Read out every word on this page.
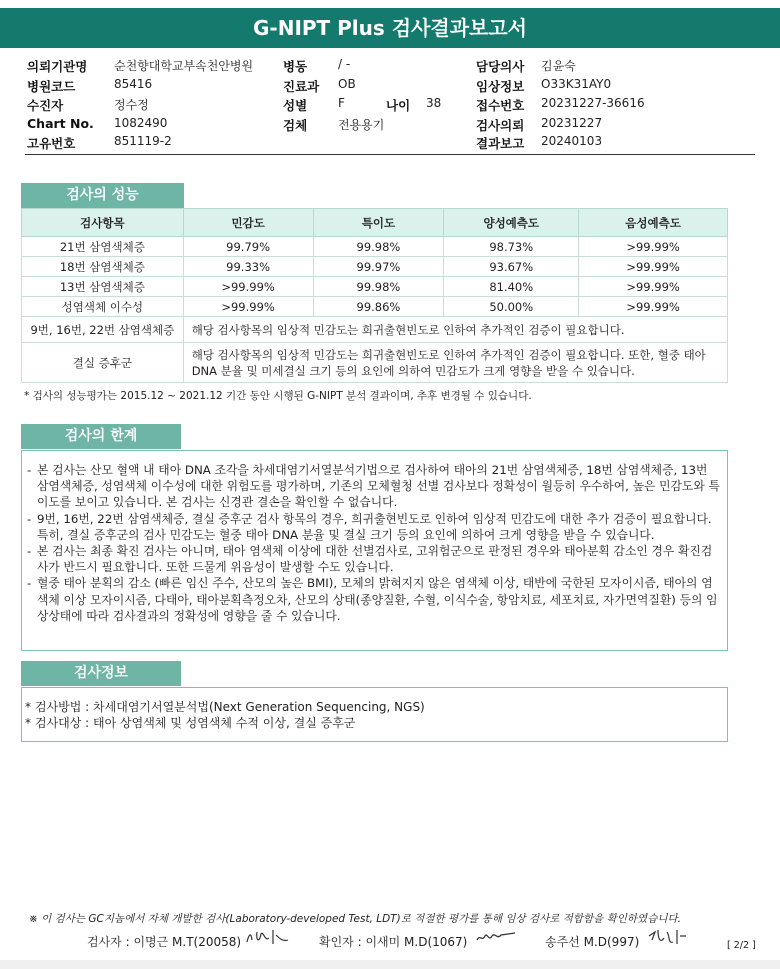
G-NIPT Plus 검사결과보고서
의뢰기관명 순천향대학교부속천안병원
병원코드	85416
수진자	정수정
Chart No. 1082490
고유번호	851119-2
병동	/ -
진료과 OB
성별	F	나이 38
검체	전용용기
담당의사 김윤숙
임상정보 O33K31AY0
접수번호 20231227-36616
검사의뢰 20231227
결과보고 20240103
검사의 성능
검사항목	민감도	특이도	양성예측도	음성예측도
21번 삼염색체증	99.79%	99.98%	98.73%	>99.99%
18번 삼염색체증	99.33%	99.97%	93.67%	>99.99%
13번 삼염색체증	>99.99%	99.98%	81.40%	>99.99%
성염색체 이수성	>99.99%	99.86%	50.00%	>99.99%
9번, 16번, 22번 삼염색체증	해당 검사항목의 임상적 민감도는 희귀출현빈도로 인하여 추가적인 검증이 필요합니다.			
결실 증후군	해당 검사항목의 임상적 민감도는 희귀출현빈도로 인하여 추가적인 검증이 필요합니다. 또한, 혈중 태아 DNA 분율 및 미세결실 크기 등의 요인에 의하여 민감도가 크게 영향을 받을 수 있습니다.			
* 검사의 성능평가는 2015.12 ~ 2021.12 기간 동안 시행된 G-NIPT 분석 결과이며, 추후 변경될 수 있습니다.
검사의 한계
- 본 검사는 산모 혈액 내 태아 DNA 조각을 차세대염기서열분석기법으로 검사하여 태아의 21번 삼염색체증, 18번 삼염색체증, 13번 삼염색체증, 성염색체 이수성에 대한 위험도를 평가하며, 기존의 모체혈청 선별 검사보다 정확성이 월등히 우수하여, 높은 민감도와 특이도를 보이고 있습니다. 본 검사는 신경관 결손을 확인할 수 없습니다.
- 9번, 16번, 22번 삼염색체증, 결실 증후군 검사 항목의 경우, 희귀출현빈도로 인하여 임상적 민감도에 대한 추가 검증이 필요합니다. 특히, 결실 증후군의 검사 민감도는 혈중 태아 DNA 분율 및 결실 크기 등의 요인에 의하여 크게 영향을 받을 수 있습니다.
- 본 검사는 최종 확진 검사는 아니며, 태아 염색체 이상에 대한 선별검사로, 고위험군으로 판정된 경우와 태아분획 감소인 경우 확진검사가 반드시 필요합니다. 또한 드물게 위음성이 발생할 수도 있습니다.
- 혈중 태아 분획의 감소 (빠른 임신 주수, 산모의 높은 BMI), 모체의 밝혀지지 않은 염색체 이상, 태반에 국한된 모자이시즘, 태아의 염색체 이상 모자이시즘, 다태아, 태아분획측정오차, 산모의 상태(종양질환, 수혈, 이식수술, 항암치료, 세포치료, 자가면역질환) 등의 임상상태에 따라 검사결과의 정확성에 영향을 줄 수 있습니다.
검사정보
* 검사방법 : 차세대염기서열분석법(Next Generation Sequencing, NGS)
* 검사대상 : 태아 상염색체 및 성염색체 수적 이상, 결실 증후군
※ 이 검사는 GC지놈에서 자체 개발한 검사(Laboratory-developed Test, LDT)로 적절한 평가를 통해 임상 검사로 적합함을 확인하였습니다.
검사자 : 이명근 M.T(20058)	확인자 : 이새미 M.D(1067)	송주선 M.D(997)	[ 2/2 ]
